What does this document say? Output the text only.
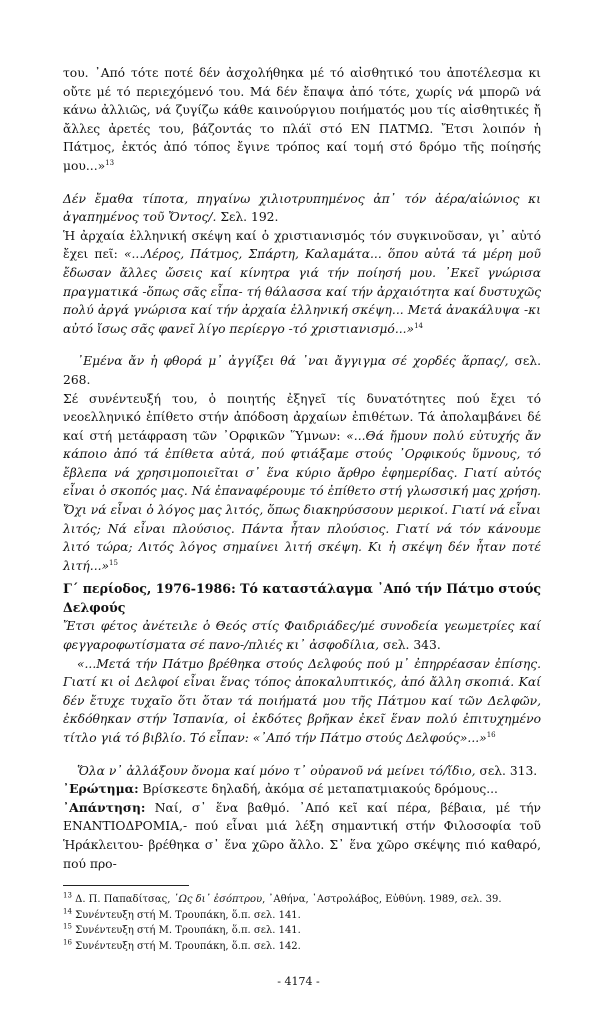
του. ᾿Από τότε ποτέ δέν ἀσχολήθηκα μέ τό αἰσθητικό του ἀποτέλεσμα κι οὔτε μέ τό περιεχόμενό του. Μά δέν ἔπαψα ἀπό τότε, χωρίς νά μπορῶ νά κάνω ἀλλιῶς, νά ζυγίζω κάθε καινούργιου ποιήματός μου τίς αἰσθητικές ἤ ἄλλες ἀρετές του, βάζοντάς το πλάϊ στό ΕΝ ΠΑΤΜΩ. Ἔτσι λοιπόν ἡ Πάτμος, ἐκτός ἀπό τόπος ἔγινε τρόπος καί τομή στό δρόμο τῆς ποίησής μου...»$^{13}$

Δέν ἔμαθα τίποτα, πηγαίνω χιλιοτρυπημένος ἀπ᾿ τόν ἀέρα/αἰώνιος κι ἀγαπημένος τοῦ Ὄντος/. Σελ. 192.

Ἡ ἀρχαία ἑλληνική σκέψη καί ὁ χριστιανισμός τόν συγκινοῦσαν, γι᾿ αὐτό ἔχει πεῖ: «...Λέρος, Πάτμος, Σπάρτη, Καλαμάτα... ὅπου αὐτά τά μέρη μοῦ ἔδωσαν ἄλλες ὤσεις καί κίνητρα γιά τήν ποίησή μου. ᾿Εκεῖ γνώρισα πραγματικά -ὅπως σᾶς εἶπα- τή θάλασσα καί τήν ἀρχαιότητα καί δυστυχῶς πολύ ἀργά γνώρισα καί τήν ἀρχαία ἑλληνική σκέψη... Μετά ἀνακάλυψα -κι αὐτό ἴσως σᾶς φανεῖ λίγο περίεργο -τό χριστιανισμό...»$^{14}$

᾿Εμένα ἄν ἡ φθορά μ᾿ ἀγγίξει θά ᾿ναι ἄγγιγμα σέ χορδές ἅρπας/, σελ. 268.

Σέ συνέντευξή του, ὁ ποιητής ἐξηγεῖ τίς δυνατότητες πού ἔχει τό νεοελληνικό ἐπίθετο στήν ἀπόδοση ἀρχαίων ἐπιθέτων. Τά ἀπολαμβάνει δέ καί στή μετάφραση τῶν ᾿Ορφικῶν Ὕμνων: «...Θά ἤμουν πολύ εὐτυχής ἄν κάποιο ἀπό τά ἐπίθετα αὐτά, πού φτιάξαμε στούς ᾿Ορφικούς ὕμνους, τό ἔβλεπα νά χρησιμοποιεῖται σ᾿ ἕνα κύριο ἄρθρο ἐφημερίδας. Γιατί αὐτός εἶναι ὁ σκοπός μας. Νά ἐπαναφέρουμε τό ἐπίθετο στή γλωσσική μας χρήση. Ὄχι νά εἶναι ὁ λόγος μας λιτός, ὅπως διακηρύσσουν μερικοί. Γιατί νά εἶναι λιτός; Νά εἶναι πλούσιος. Πάντα ἦταν πλούσιος. Γιατί νά τόν κάνουμε λιτό τώρα; Λιτός λόγος σημαίνει λιτή σκέψη. Κι ἡ σκέψη δέν ἦταν ποτέ λιτή...»$^{15}$

Γ΄ περίοδος, 1976-1986: Τό καταστάλαγμα ᾿Από τήν Πάτμο στούς Δελφούς

Ἔτσι φέτος ἀνέτειλε ὁ Θεός στίς Φαιδριάδες/μέ συνοδεία γεωμετρίες καί φεγγαροφωτίσματα σέ πανο-/πλιές κι᾿ ἀσφοδίλια, σελ. 343.

«...Μετά τήν Πάτμο βρέθηκα στούς Δελφούς πού μ᾿ ἐπηρρέασαν ἐπίσης. Γιατί κι οἱ Δελφοί εἶναι ἕνας τόπος ἀποκαλυπτικός, ἀπό ἄλλη σκοπιά. Καί δέν ἔτυχε τυχαῖο ὅτι ὅταν τά ποιήματά μου τῆς Πάτμου καί τῶν Δελφῶν, ἐκδόθηκαν στήν Ἱσπανία, οἱ ἐκδότες βρῆκαν ἐκεῖ ἕναν πολύ ἐπιτυχημένο τίτλο γιά τό βιβλίο. Τό εἶπαν: «᾿Από τήν Πάτμο στούς Δελφούς»...»$^{16}$

Ὅλα ν᾿ ἀλλάξουν ὄνομα καί μόνο τ᾿ οὐρανοῦ νά μείνει τό/ἴδιο, σελ. 313.

᾿Ερώτημα: Βρίσκεστε δηλαδή, ἀκόμα σέ μεταπατμιακούς δρόμους...

᾿Απάντηση: Ναί, σ᾿ ἕνα βαθμό. ᾿Από κεῖ καί πέρα, βέβαια, μέ τήν ΕΝΑΝΤΙΟΔΡΟΜΙΑ,- πού εἶναι μιά λέξη σημαντική στήν Φιλοσοφία τοῦ Ἡράκλειτου- βρέθηκα σ᾿ ἕνα χῶρο ἄλλο. Σ᾿ ἕνα χῶρο σκέψης πιό καθαρό, πού προ-

$^{13}$ Δ. Π. Παπαδίτσας, ῾Ως δι᾿ ἐσόπτρου, ᾿Αθήνα, ᾿Αστρολάβος, Εὐθύνη. 1989, σελ. 39.

$^{14}$ Συνέντευξη στή Μ. Τρουπάκη, ὅ.π. σελ. 141.

$^{15}$ Συνέντευξη στή Μ. Τρουπάκη, ὅ.π. σελ. 141.

$^{16}$ Συνέντευξη στή Μ. Τρουπάκη, ὅ.π. σελ. 142.

- 4174 -
